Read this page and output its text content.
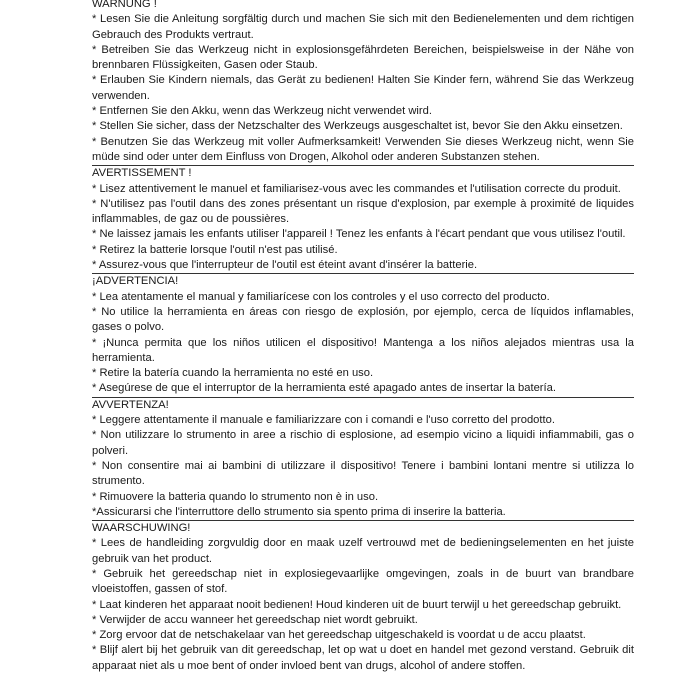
WARNUNG !
* Lesen Sie die Anleitung sorgfältig durch und machen Sie sich mit den Bedienelementen und dem richtigen Gebrauch des Produkts vertraut.
* Betreiben Sie das Werkzeug nicht in explosionsgefährdeten Bereichen, beispielsweise in der Nähe von brennbaren Flüssigkeiten, Gasen oder Staub.
* Erlauben Sie Kindern niemals, das Gerät zu bedienen! Halten Sie Kinder fern, während Sie das Werkzeug verwenden.
* Entfernen Sie den Akku, wenn das Werkzeug nicht verwendet wird.
* Stellen Sie sicher, dass der Netzschalter des Werkzeugs ausgeschaltet ist, bevor Sie den Akku einsetzen.
* Benutzen Sie das Werkzeug mit voller Aufmerksamkeit! Verwenden Sie dieses Werkzeug nicht, wenn Sie müde sind oder unter dem Einfluss von Drogen, Alkohol oder anderen Substanzen stehen.
AVERTISSEMENT !
* Lisez attentivement le manuel et familiarisez-vous avec les commandes et l'utilisation correcte du produit.
* N'utilisez pas l'outil dans des zones présentant un risque d'explosion, par exemple à proximité de liquides inflammables, de gaz ou de poussières.
* Ne laissez jamais les enfants utiliser l'appareil ! Tenez les enfants à l'écart pendant que vous utilisez l'outil.
* Retirez la batterie lorsque l'outil n'est pas utilisé.
* Assurez-vous que l'interrupteur de l'outil est éteint avant d'insérer la batterie.
¡ADVERTENCIA!
* Lea atentamente el manual y familiarícese con los controles y el uso correcto del producto.
* No utilice la herramienta en áreas con riesgo de explosión, por ejemplo, cerca de líquidos inflamables, gases o polvo.
* ¡Nunca permita que los niños utilicen el dispositivo! Mantenga a los niños alejados mientras usa la herramienta.
* Retire la batería cuando la herramienta no esté en uso.
* Asegúrese de que el interruptor de la herramienta esté apagado antes de insertar la batería.
AVVERTENZA!
* Leggere attentamente il manuale e familiarizzare con i comandi e l'uso corretto del prodotto.
* Non utilizzare lo strumento in aree a rischio di esplosione, ad esempio vicino a liquidi infiammabili, gas o polveri.
* Non consentire mai ai bambini di utilizzare il dispositivo! Tenere i bambini lontani mentre si utilizza lo strumento.
* Rimuovere la batteria quando lo strumento non è in uso.
*Assicurarsi che l'interruttore dello strumento sia spento prima di inserire la batteria.
WAARSCHUWING!
* Lees de handleiding zorgvuldig door en maak uzelf vertrouwd met de bedieningselementen en het juiste gebruik van het product.
* Gebruik het gereedschap niet in explosiegevaarlijke omgevingen, zoals in de buurt van brandbare vloeistoffen, gassen of stof.
* Laat kinderen het apparaat nooit bedienen! Houd kinderen uit de buurt terwijl u het gereedschap gebruikt.
* Verwijder de accu wanneer het gereedschap niet wordt gebruikt.
* Zorg ervoor dat de netschakelaar van het gereedschap uitgeschakeld is voordat u de accu plaatst.
* Blijf alert bij het gebruik van dit gereedschap, let op wat u doet en handel met gezond verstand. Gebruik dit apparaat niet als u moe bent of onder invloed bent van drugs, alcohol of andere stoffen.
